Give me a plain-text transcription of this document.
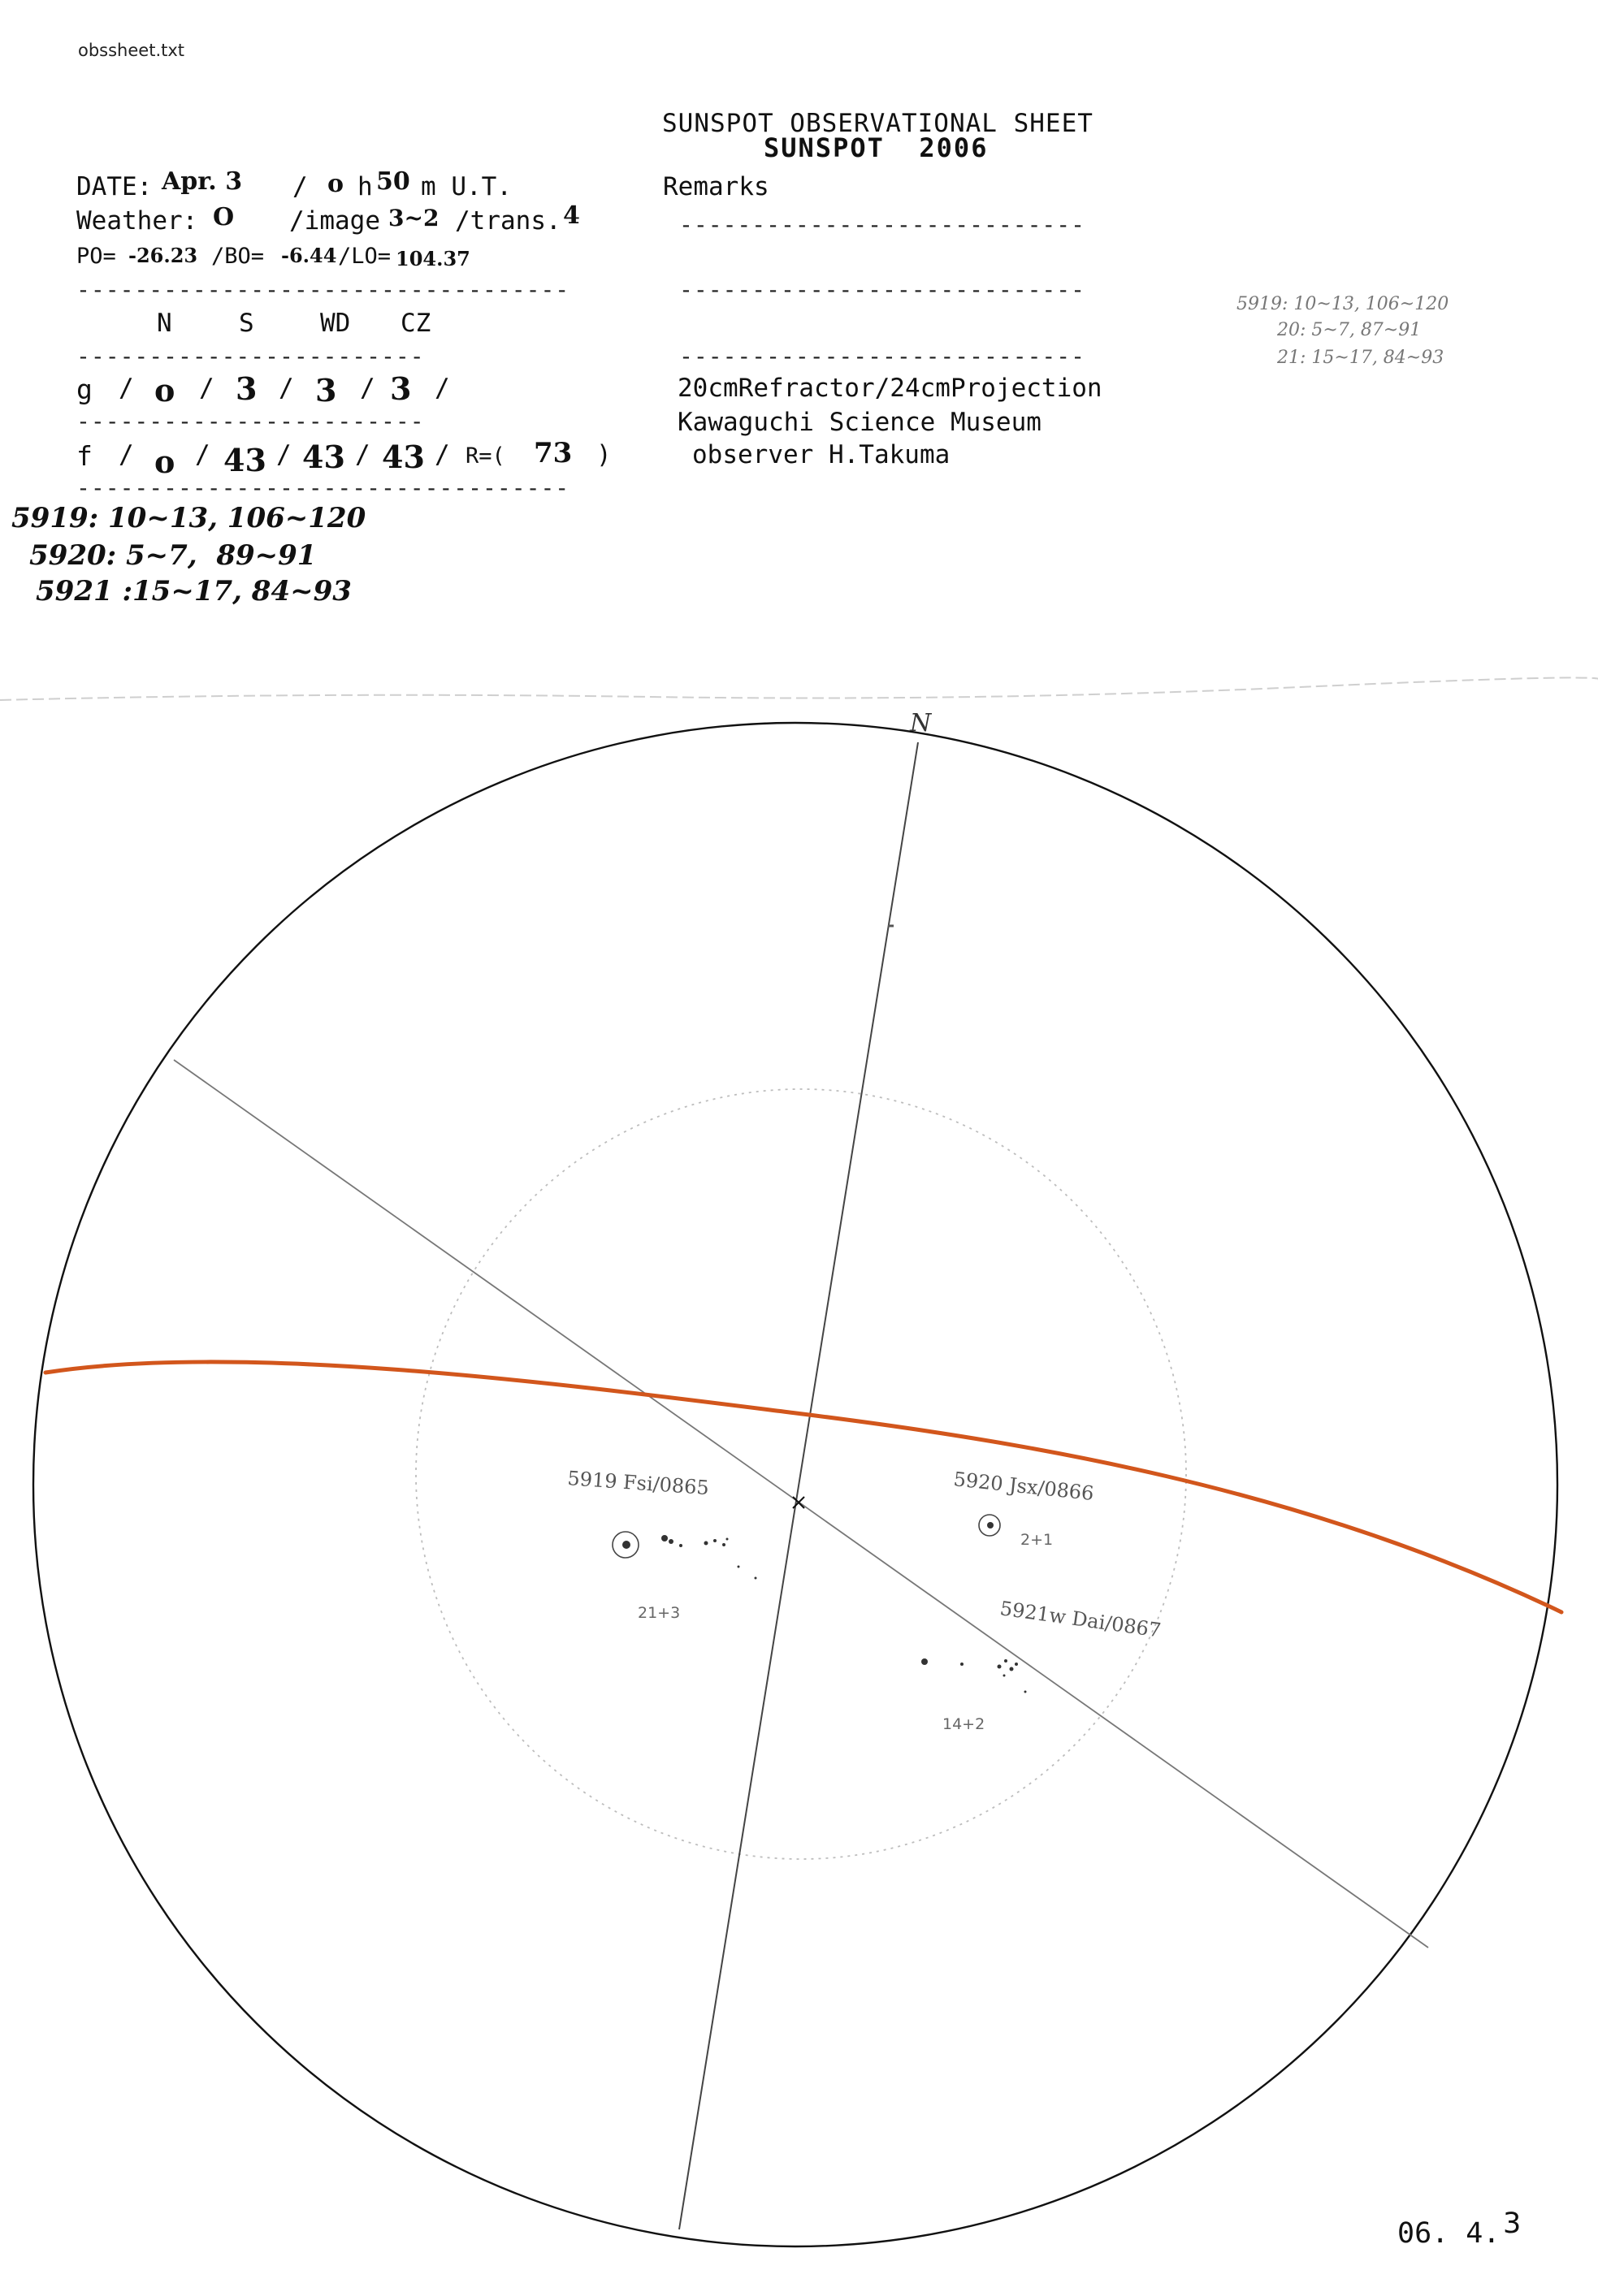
obssheet.txt
SUNSPOT OBSERVATIONAL SHEET
SUNSPOT  2006
DATE: Apr. 3 / o h 50 m U.T.	Remarks
Weather: O /image 3~2 /trans. 4	----------------------------
PO= -26.23 /BO= -6.44 /LO= 104.37
----------------------------------	----------------------------
N	S	WD CZ
------------------------	----------------------------
g / o / 3 / 3 / 3 /	20cmRefractor/24cmProjection
------------------------	Kawaguchi Science Museum
f / o / 43 / 43 / 43 / R=( 73 )	observer H.Takuma
----------------------------------
5919: 10~13, 106~120
5920: 5~7,  89~91
5921 :15~17, 84~93
5919: 10~13, 106~120
20: 5~7, 87~91
21: 15~17, 84~93
N
5919 Fsi/0865
21+3
5920 Jsx/0866
2+1
5921w Dai/0867
14+2
06. 4. 3
